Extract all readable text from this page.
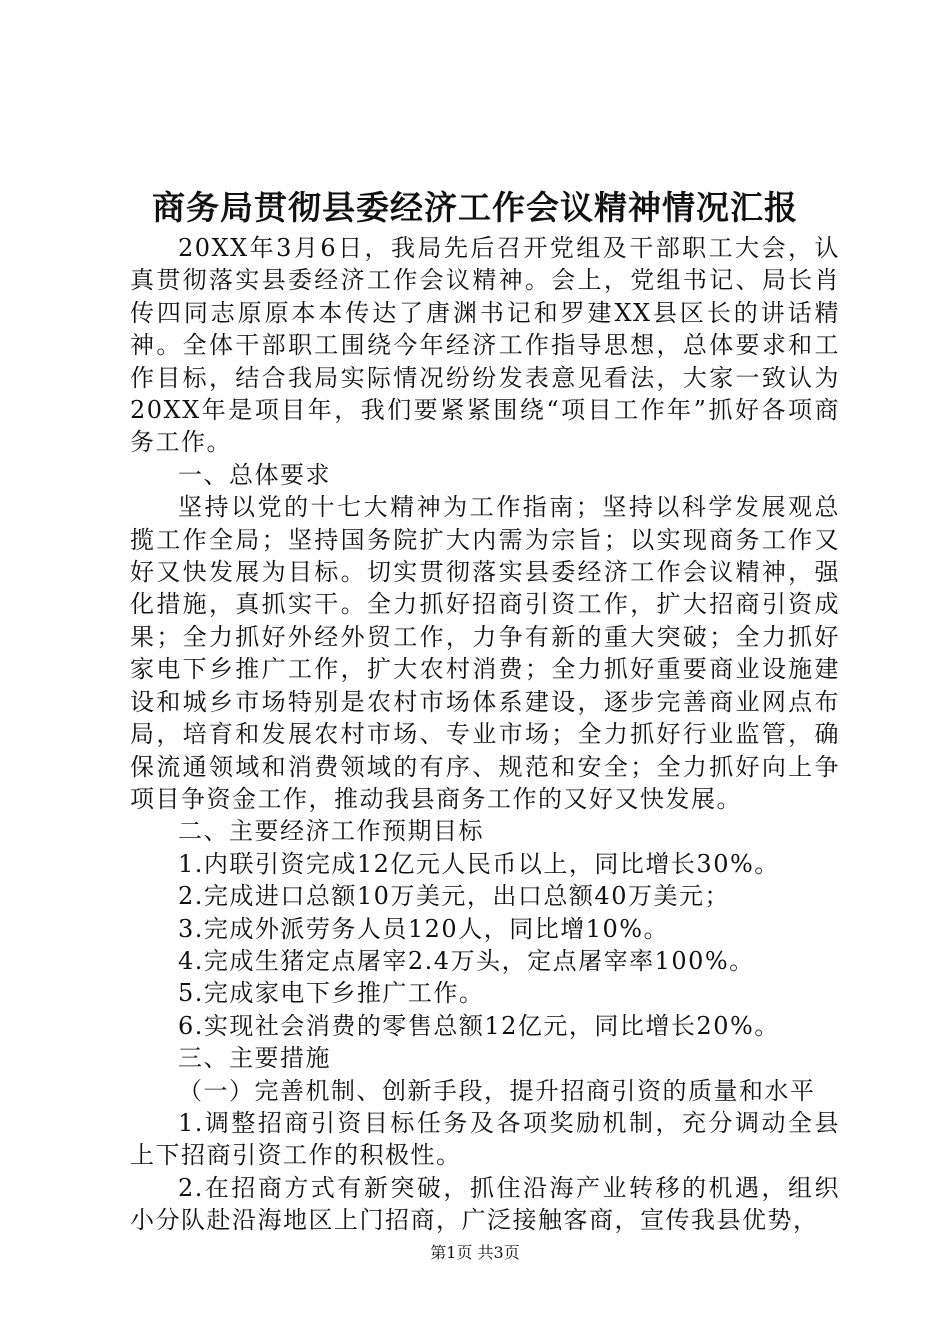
商务局贯彻县委经济工作会议精神情况汇报

20XX年3月6日，我局先后召开党组及干部职工大会，认真贯彻落实县委经济工作会议精神。会上，党组书记、局长肖传四同志原原本本传达了唐渊书记和罗建XX县区长的讲话精神。全体干部职工围绕今年经济工作指导思想，总体要求和工作目标，结合我局实际情况纷纷发表意见看法，大家一致认为20XX年是项目年，我们要紧紧围绕“项目工作年”抓好各项商务工作。

一、总体要求

坚持以党的十七大精神为工作指南；坚持以科学发展观总揽工作全局；坚持国务院扩大内需为宗旨；以实现商务工作又好又快发展为目标。切实贯彻落实县委经济工作会议精神，强化措施，真抓实干。全力抓好招商引资工作，扩大招商引资成果；全力抓好外经外贸工作，力争有新的重大突破；全力抓好家电下乡推广工作，扩大农村消费；全力抓好重要商业设施建设和城乡市场特别是农村市场体系建设，逐步完善商业网点布局，培育和发展农村市场、专业市场；全力抓好行业监管，确保流通领域和消费领域的有序、规范和安全；全力抓好向上争项目争资金工作，推动我县商务工作的又好又快发展。

二、主要经济工作预期目标

1.内联引资完成12亿元人民币以上，同比增长30%。

2.完成进口总额10万美元，出口总额40万美元；

3.完成外派劳务人员120人，同比增10%。

4.完成生猪定点屠宰2.4万头，定点屠宰率100%。

5.完成家电下乡推广工作。

6.实现社会消费的零售总额12亿元，同比增长20%。

三、主要措施

（一）完善机制、创新手段，提升招商引资的质量和水平

1.调整招商引资目标任务及各项奖励机制，充分调动全县上下招商引资工作的积极性。

2.在招商方式有新突破，抓住沿海产业转移的机遇，组织小分队赴沿海地区上门招商，广泛接触客商，宣传我县优势，

第1页 共3页
